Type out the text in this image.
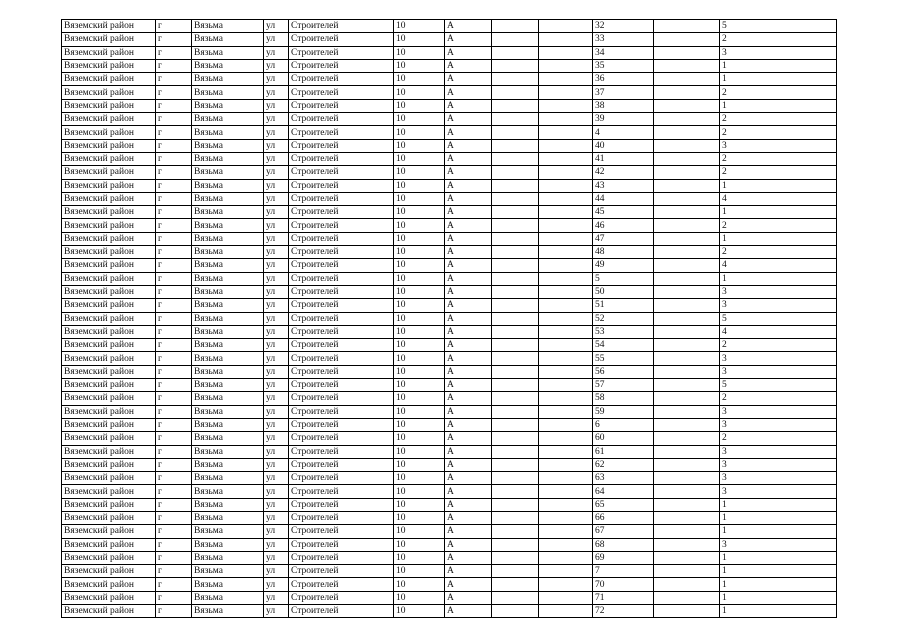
Вяземский район	г	Вязьма	ул	Строителей	10	А			32		5
Вяземский район	г	Вязьма	ул	Строителей	10	А			33		2
Вяземский район	г	Вязьма	ул	Строителей	10	А			34		3
Вяземский район	г	Вязьма	ул	Строителей	10	А			35		1
Вяземский район	г	Вязьма	ул	Строителей	10	А			36		1
Вяземский район	г	Вязьма	ул	Строителей	10	А			37		2
Вяземский район	г	Вязьма	ул	Строителей	10	А			38		1
Вяземский район	г	Вязьма	ул	Строителей	10	А			39		2
Вяземский район	г	Вязьма	ул	Строителей	10	А			4		2
Вяземский район	г	Вязьма	ул	Строителей	10	А			40		3
Вяземский район	г	Вязьма	ул	Строителей	10	А			41		2
Вяземский район	г	Вязьма	ул	Строителей	10	А			42		2
Вяземский район	г	Вязьма	ул	Строителей	10	А			43		1
Вяземский район	г	Вязьма	ул	Строителей	10	А			44		4
Вяземский район	г	Вязьма	ул	Строителей	10	А			45		1
Вяземский район	г	Вязьма	ул	Строителей	10	А			46		2
Вяземский район	г	Вязьма	ул	Строителей	10	А			47		1
Вяземский район	г	Вязьма	ул	Строителей	10	А			48		2
Вяземский район	г	Вязьма	ул	Строителей	10	А			49		4
Вяземский район	г	Вязьма	ул	Строителей	10	А			5		1
Вяземский район	г	Вязьма	ул	Строителей	10	А			50		3
Вяземский район	г	Вязьма	ул	Строителей	10	А			51		3
Вяземский район	г	Вязьма	ул	Строителей	10	А			52		5
Вяземский район	г	Вязьма	ул	Строителей	10	А			53		4
Вяземский район	г	Вязьма	ул	Строителей	10	А			54		2
Вяземский район	г	Вязьма	ул	Строителей	10	А			55		3
Вяземский район	г	Вязьма	ул	Строителей	10	А			56		3
Вяземский район	г	Вязьма	ул	Строителей	10	А			57		5
Вяземский район	г	Вязьма	ул	Строителей	10	А			58		2
Вяземский район	г	Вязьма	ул	Строителей	10	А			59		3
Вяземский район	г	Вязьма	ул	Строителей	10	А			6		3
Вяземский район	г	Вязьма	ул	Строителей	10	А			60		2
Вяземский район	г	Вязьма	ул	Строителей	10	А			61		3
Вяземский район	г	Вязьма	ул	Строителей	10	А			62		3
Вяземский район	г	Вязьма	ул	Строителей	10	А			63		3
Вяземский район	г	Вязьма	ул	Строителей	10	А			64		3
Вяземский район	г	Вязьма	ул	Строителей	10	А			65		1
Вяземский район	г	Вязьма	ул	Строителей	10	А			66		1
Вяземский район	г	Вязьма	ул	Строителей	10	А			67		1
Вяземский район	г	Вязьма	ул	Строителей	10	А			68		3
Вяземский район	г	Вязьма	ул	Строителей	10	А			69		1
Вяземский район	г	Вязьма	ул	Строителей	10	А			7		1
Вяземский район	г	Вязьма	ул	Строителей	10	А			70		1
Вяземский район	г	Вязьма	ул	Строителей	10	А			71		1
Вяземский район	г	Вязьма	ул	Строителей	10	А			72		1
